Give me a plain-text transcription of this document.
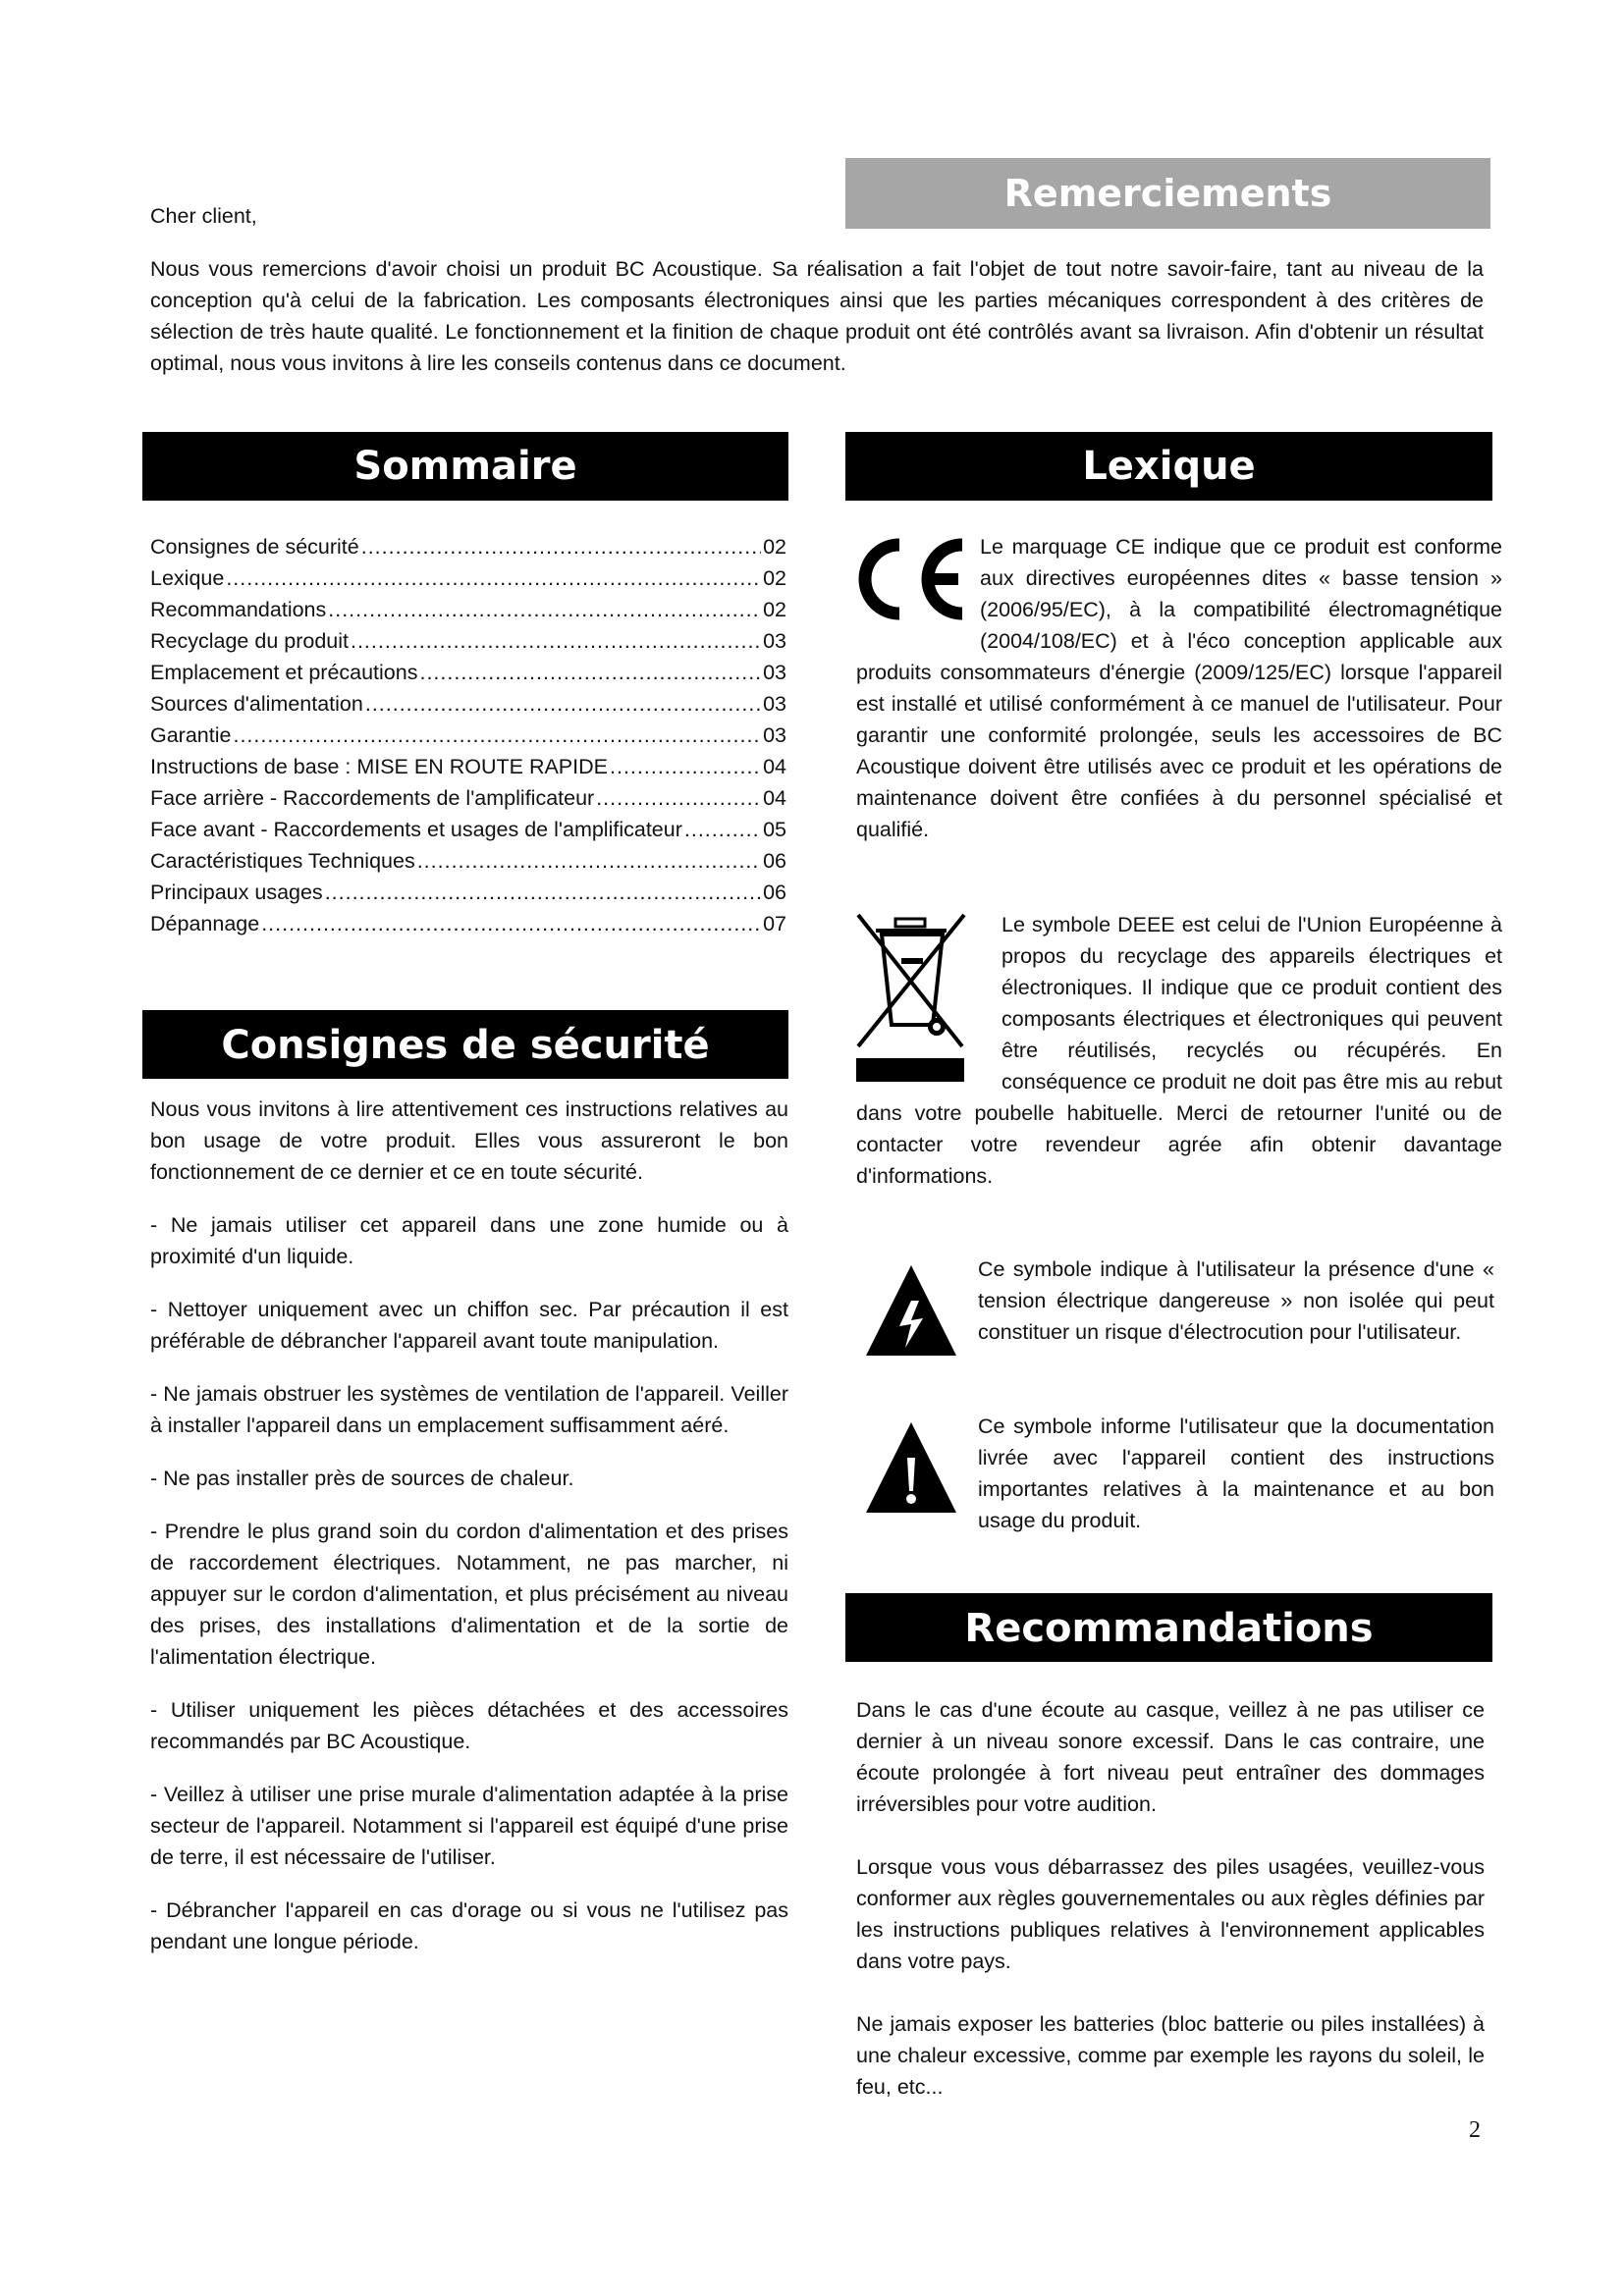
Cher client,
Remerciements

Nous vous remercions d'avoir choisi un produit BC Acoustique. Sa réalisation a fait l'objet de tout notre savoir-faire, tant au niveau de la conception qu'à celui de la fabrication. Les composants électroniques ainsi que les parties mécaniques correspondent à des critères de sélection de très haute qualité. Le fonctionnement et la finition de chaque produit ont été contrôlés avant sa livraison. Afin d'obtenir un résultat optimal, nous vous invitons à lire les conseils contenus dans ce document.

Sommaire
Consignes de sécurité .....	02
Lexique .....	02
Recommandations .....	02
Recyclage du produit .....	03
Emplacement et précautions .....	03
Sources d'alimentation .....	03
Garantie .....	03
Instructions de base : MISE EN ROUTE RAPIDE .....	04
Face arrière - Raccordements de l'amplificateur .....	04
Face avant - Raccordements et usages de l'amplificateur .....	05
Caractéristiques Techniques .....	06
Principaux usages .....	06
Dépannage .....	07
Consignes de sécurité

Nous vous invitons à lire attentivement ces instructions relatives au bon usage de votre produit. Elles vous assureront le bon fonctionnement de ce dernier et ce en toute sécurité.

- Ne jamais utiliser cet appareil dans une zone humide ou à proximité d'un liquide.

- Nettoyer uniquement avec un chiffon sec. Par précaution il est préférable de débrancher l'appareil avant toute manipulation.

- Ne jamais obstruer les systèmes de ventilation de l'appareil. Veiller à installer l'appareil dans un emplacement suffisamment aéré.

- Ne pas installer près de sources de chaleur.

- Prendre le plus grand soin du cordon d'alimentation et des prises de raccordement électriques. Notamment, ne pas marcher, ni appuyer sur le cordon d'alimentation, et plus précisément au niveau des prises, des installations d'alimentation et de la sortie de l'alimentation électrique.

- Utiliser uniquement les pièces détachées et des accessoires recommandés par BC Acoustique.

- Veillez à utiliser une prise murale d'alimentation adaptée à la prise secteur de l'appareil. Notamment si l'appareil est équipé d'une prise de terre, il est nécessaire de l'utiliser.

- Débrancher l'appareil en cas d'orage ou si vous ne l'utilisez pas pendant une longue période.

Lexique

Le marquage CE indique que ce produit est conforme aux directives européennes dites « basse tension » (2006/95/EC), à la compatibilité électromagnétique (2004/108/EC) et à l'éco conception applicable aux produits consommateurs d'énergie (2009/125/EC) lorsque l'appareil est installé et utilisé conformément à ce manuel de l'utilisateur. Pour garantir une conformité prolongée, seuls les accessoires de BC Acoustique doivent être utilisés avec ce produit et les opérations de maintenance doivent être confiées à du personnel spécialisé et qualifié.

Le symbole DEEE est celui de l'Union Européenne à propos du recyclage des appareils électriques et électroniques. Il indique que ce produit contient des composants électriques et électroniques qui peuvent être réutilisés, recyclés ou récupérés. En conséquence ce produit ne doit pas être mis au rebut dans votre poubelle habituelle. Merci de retourner l'unité ou de contacter votre revendeur agrée afin obtenir davantage d'informations.

Ce symbole indique à l'utilisateur la présence d'une « tension électrique dangereuse » non isolée qui peut constituer un risque d'électrocution pour l'utilisateur.

Ce symbole informe l'utilisateur que la documentation livrée avec l'appareil contient des instructions importantes relatives à la maintenance et au bon usage du produit.

Recommandations

Dans le cas d'une écoute au casque, veillez à ne pas utiliser ce dernier à un niveau sonore excessif. Dans le cas contraire, une écoute prolongée à fort niveau peut entraîner des dommages irréversibles pour votre audition.

Lorsque vous vous débarrassez des piles usagées, veuillez-vous conformer aux règles gouvernementales ou aux règles définies par les instructions publiques relatives à l'environnement applicables dans votre pays.

Ne jamais exposer les batteries (bloc batterie ou piles installées) à une chaleur excessive, comme par exemple les rayons du soleil, le feu, etc...

2
